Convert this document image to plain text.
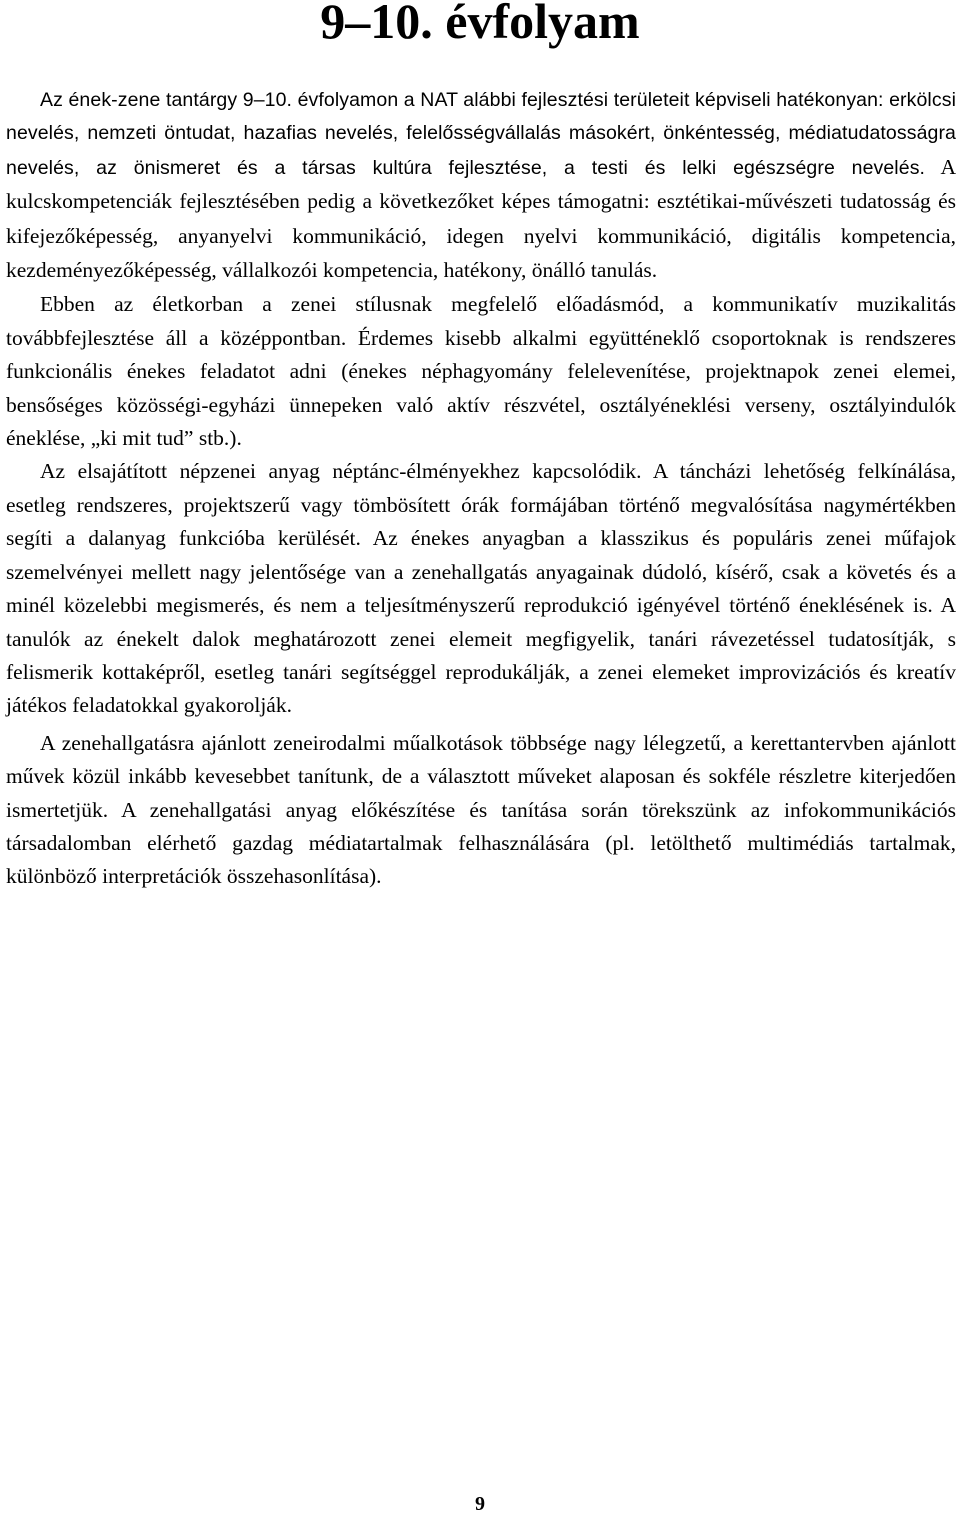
9–10. évfolyam

Az ének-zene tantárgy 9–10. évfolyamon a NAT alábbi fejlesztési területeit képviseli hatékonyan: erkölcsi nevelés, nemzeti öntudat, hazafias nevelés, felelősségvállalás másokért, önkéntesség, médiatudatosságra nevelés, az önismeret és a társas kultúra fejlesztése, a testi és lelki egészségre nevelés. A kulcskompetenciák fejlesztésében pedig a következőket képes támogatni: esztétikai-művészeti tudatosság és kifejezőképesség, anyanyelvi kommunikáció, idegen nyelvi kommunikáció, digitális kompetencia, kezdeményezőképesség, vállalkozói kompetencia, hatékony, önálló tanulás.

Ebben az életkorban a zenei stílusnak megfelelő előadásmód, a kommunikatív muzikalitás továbbfejlesztése áll a középpontban. Érdemes kisebb alkalmi együtténeklő csoportoknak is rendszeres funkcionális énekes feladatot adni (énekes néphagyomány felelevenítése, projektnapok zenei elemei, bensőséges közösségi-egyházi ünnepeken való aktív részvétel, osztályéneklési verseny, osztályindulók éneklése, „ki mit tud” stb.).

Az elsajátított népzenei anyag néptánc-élményekhez kapcsolódik. A táncházi lehetőség felkínálása, esetleg rendszeres, projektszerű vagy tömbösített órák formájában történő megvalósítása nagymértékben segíti a dalanyag funkcióba kerülését. Az énekes anyagban a klasszikus és populáris zenei műfajok szemelvényei mellett nagy jelentősége van a zenehallgatás anyagainak dúdoló, kísérő, csak a követés és a minél közelebbi megismerés, és nem a teljesítményszerű reprodukció igényével történő éneklésének is. A tanulók az énekelt dalok meghatározott zenei elemeit megfigyelik, tanári rávezetéssel tudatosítják, s felismerik kottaképről, esetleg tanári segítséggel reprodukálják, a zenei elemeket improvizációs és kreatív játékos feladatokkal gyakorolják.

A zenehallgatásra ajánlott zeneirodalmi műalkotások többsége nagy lélegzetű, a kerettantervben ajánlott művek közül inkább kevesebbet tanítunk, de a választott műveket alaposan és sokféle részletre kiterjedően ismertetjük. A zenehallgatási anyag előkészítése és tanítása során törekszünk az infokommunikációs társadalomban elérhető gazdag médiatartalmak felhasználására (pl. letölthető multimédiás tartalmak, különböző interpretációk összehasonlítása).

9
